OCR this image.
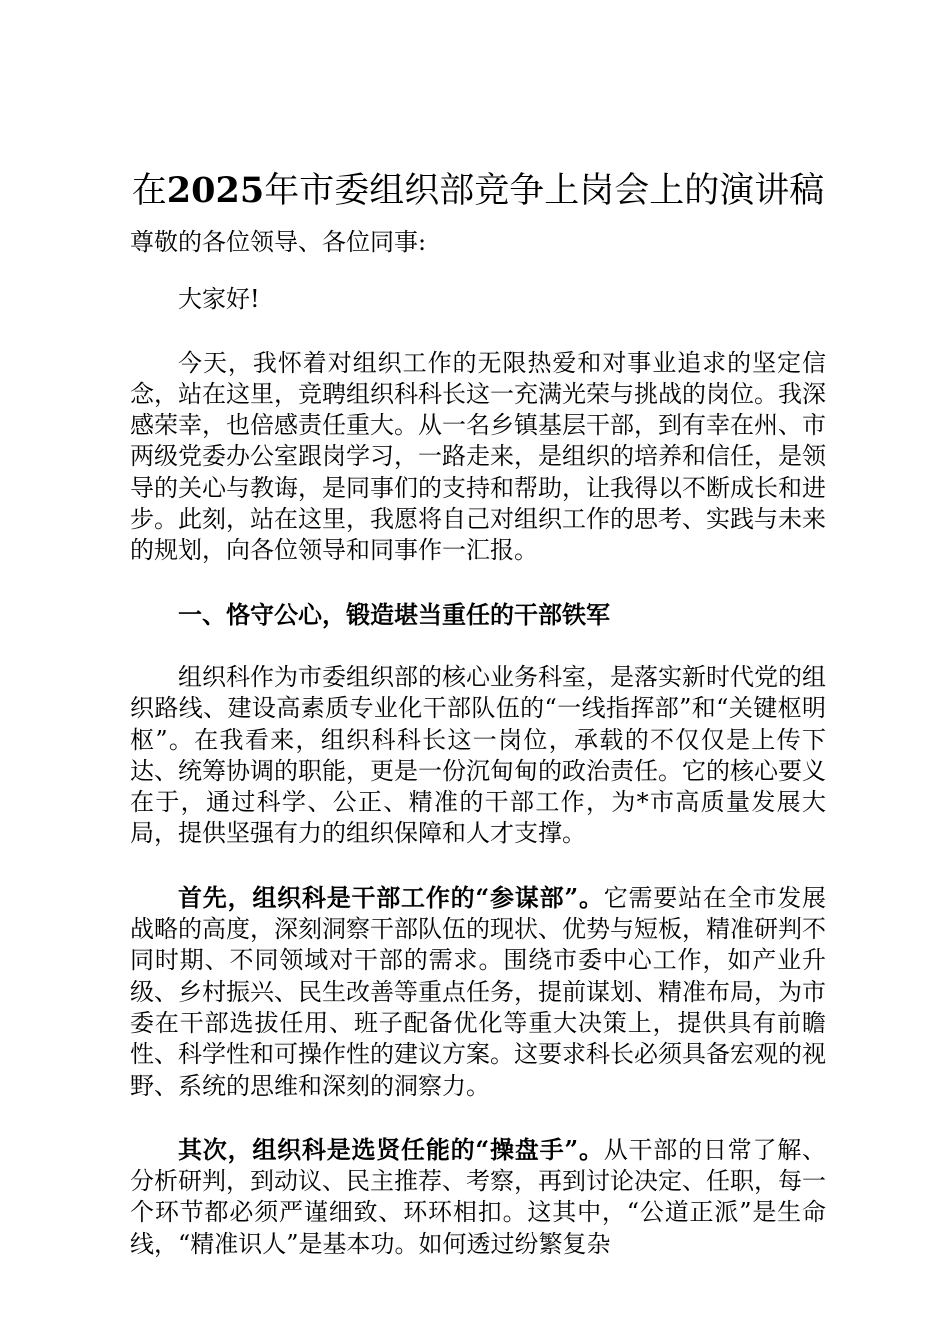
在2025年市委组织部竞争上岗会上的演讲稿

尊敬的各位领导、各位同事:

大家好!

今天，我怀着对组织工作的无限热爱和对事业追求的坚定信念，站在这里，竞聘组织科科长这一充满光荣与挑战的岗位。我深感荣幸，也倍感责任重大。从一名乡镇基层干部，到有幸在州、市两级党委办公室跟岗学习，一路走来，是组织的培养和信任，是领导的关心与教诲，是同事们的支持和帮助，让我得以不断成长和进步。此刻，站在这里，我愿将自己对组织工作的思考、实践与未来的规划，向各位领导和同事作一汇报。

一、恪守公心，锻造堪当重任的干部铁军

组织科作为市委组织部的核心业务科室，是落实新时代党的组织路线、建设高素质专业化干部队伍的“一线指挥部”和“关键枢明枢”。在我看来，组织科科长这一岗位，承载的不仅仅是上传下达、统筹协调的职能，更是一份沉甸甸的政治责任。它的核心要义在于，通过科学、公正、精准的干部工作，为*市高质量发展大局，提供坚强有力的组织保障和人才支撑。

首先，组织科是干部工作的“参谋部”。它需要站在全市发展战略的高度，深刻洞察干部队伍的现状、优势与短板，精准研判不同时期、不同领域对干部的需求。围绕市委中心工作，如产业升级、乡村振兴、民生改善等重点任务，提前谋划、精准布局，为市委在干部选拔任用、班子配备优化等重大决策上，提供具有前瞻性、科学性和可操作性的建议方案。这要求科长必须具备宏观的视野、系统的思维和深刻的洞察力。

其次，组织科是选贤任能的“操盘手”。从干部的日常了解、分析研判，到动议、民主推荐、考察，再到讨论决定、任职，每一个环节都必须严谨细致、环环相扣。这其中，“公道正派”是生命线，“精准识人”是基本功。如何透过纷繁复杂
